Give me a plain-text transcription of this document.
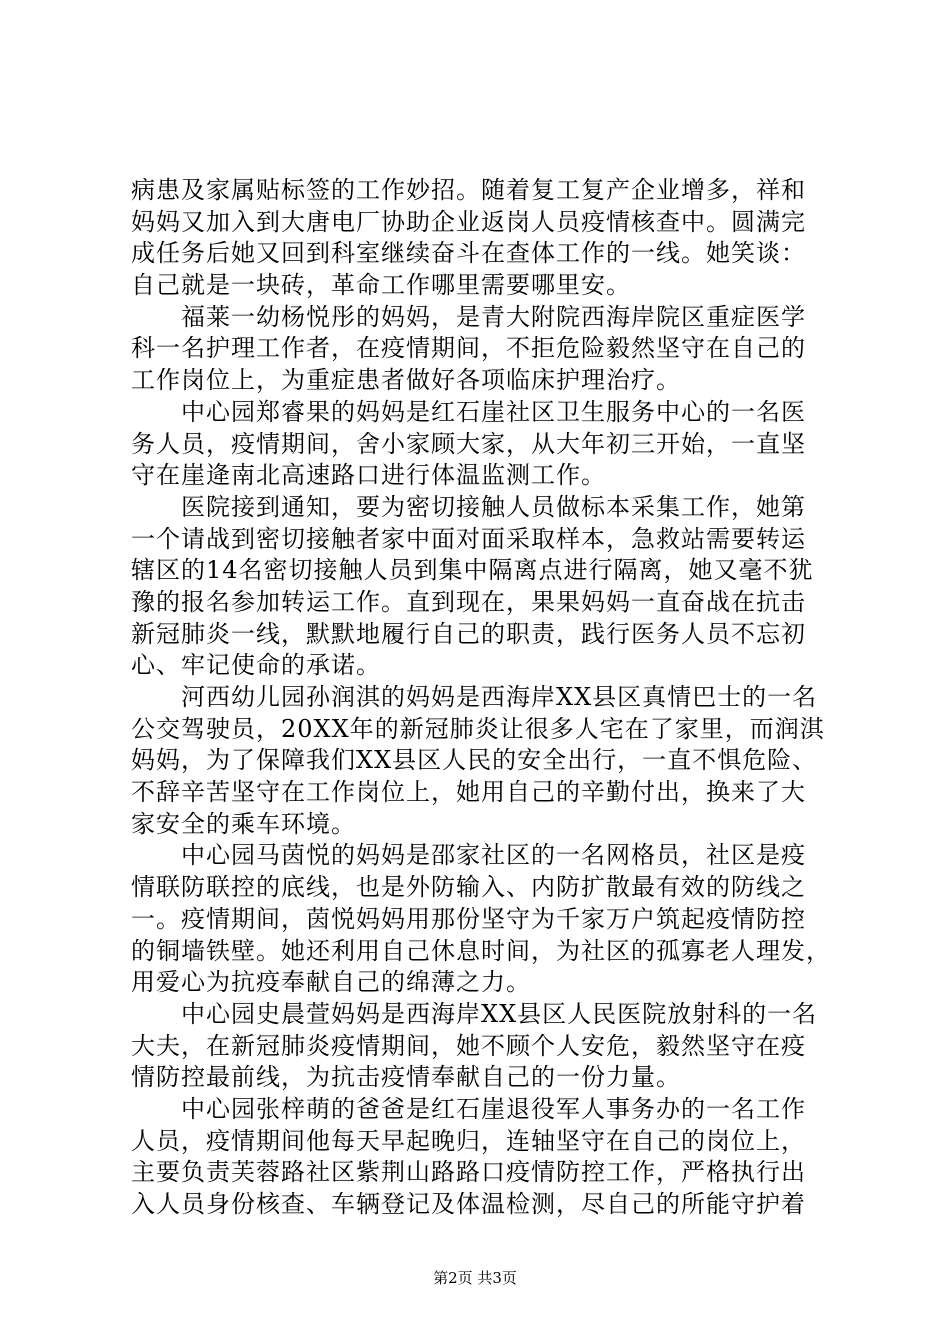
病患及家属贴标签的工作妙招。随着复工复产企业增多，祥和
妈妈又加入到大唐电厂协助企业返岗人员疫情核查中。圆满完
成任务后她又回到科室继续奋斗在查体工作的一线。她笑谈：
自己就是一块砖，革命工作哪里需要哪里安。
　　福莱一幼杨悦彤的妈妈，是青大附院西海岸院区重症医学
科一名护理工作者，在疫情期间，不拒危险毅然坚守在自己的
工作岗位上，为重症患者做好各项临床护理治疗。
　　中心园郑睿果的妈妈是红石崖社区卫生服务中心的一名医
务人员，疫情期间，舍小家顾大家，从大年初三开始，一直坚
守在崖逄南北高速路口进行体温监测工作。
　　医院接到通知，要为密切接触人员做标本采集工作，她第
一个请战到密切接触者家中面对面采取样本，急救站需要转运
辖区的14名密切接触人员到集中隔离点进行隔离，她又毫不犹
豫的报名参加转运工作。直到现在，果果妈妈一直奋战在抗击
新冠肺炎一线，默默地履行自己的职责，践行医务人员不忘初
心、牢记使命的承诺。
　　河西幼儿园孙润淇的妈妈是西海岸XX县区真情巴士的一名
公交驾驶员，20XX年的新冠肺炎让很多人宅在了家里，而润淇
妈妈，为了保障我们XX县区人民的安全出行，一直不惧危险、
不辞辛苦坚守在工作岗位上，她用自己的辛勤付出，换来了大
家安全的乘车环境。
　　中心园马茵悦的妈妈是邵家社区的一名网格员，社区是疫
情联防联控的底线，也是外防输入、内防扩散最有效的防线之
一。疫情期间，茵悦妈妈用那份坚守为千家万户筑起疫情防控
的铜墙铁壁。她还利用自己休息时间，为社区的孤寡老人理发，
用爱心为抗疫奉献自己的绵薄之力。
　　中心园史晨萱妈妈是西海岸XX县区人民医院放射科的一名
大夫，在新冠肺炎疫情期间，她不顾个人安危，毅然坚守在疫
情防控最前线，为抗击疫情奉献自己的一份力量。
　　中心园张梓萌的爸爸是红石崖退役军人事务办的一名工作
人员，疫情期间他每天早起晚归，连轴坚守在自己的岗位上，
主要负责芙蓉路社区紫荆山路路口疫情防控工作，严格执行出
入人员身份核查、车辆登记及体温检测，尽自己的所能守护着
第2页 共3页
